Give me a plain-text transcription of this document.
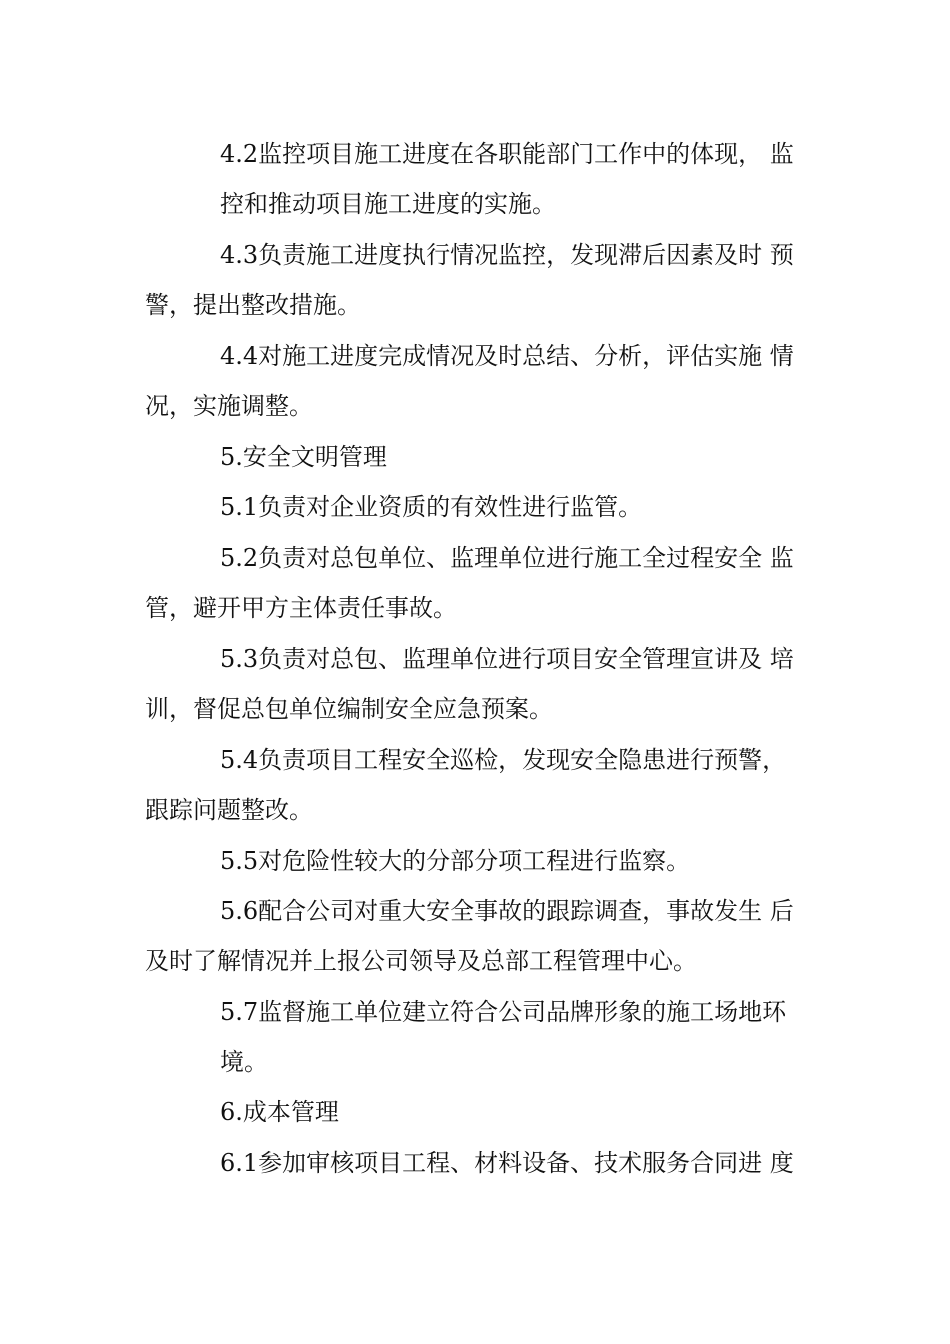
4.2监控项目施工进度在各职能部门工作中的体现， 监
控和推动项目施工进度的实施。
4.3负责施工进度执行情况监控，发现滞后因素及时 预
警，提出整改措施。
4.4对施工进度完成情况及时总结、分析，评估实施 情
况，实施调整。
5.安全文明管理
5.1负责对企业资质的有效性进行监管。
5.2负责对总包单位、监理单位进行施工全过程安全 监
管，避开甲方主体责任事故。
5.3负责对总包、监理单位进行项目安全管理宣讲及 培
训，督促总包单位编制安全应急预案。
5.4负责项目工程安全巡检，发现安全隐患进行预警，
跟踪问题整改。
5.5对危险性较大的分部分项工程进行监察。
5.6配合公司对重大安全事故的跟踪调查，事故发生 后
及时了解情况并上报公司领导及总部工程管理中心。
5.7监督施工单位建立符合公司品牌形象的施工场地环
境。
6.成本管理
6.1参加审核项目工程、材料设备、技术服务合同进 度
